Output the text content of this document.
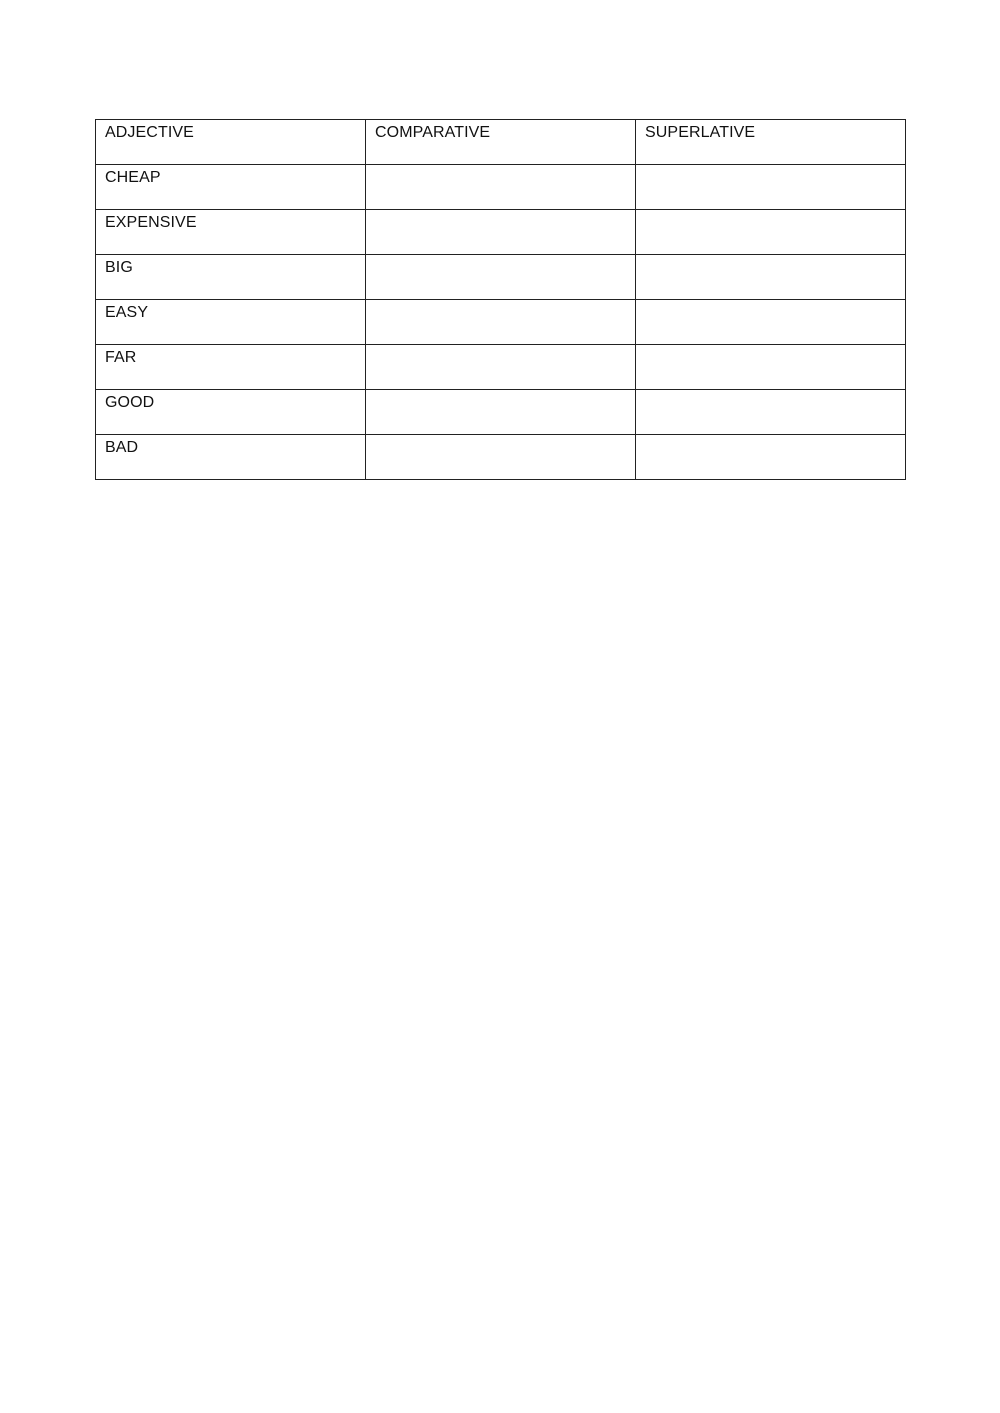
ADJECTIVE	COMPARATIVE	SUPERLATIVE

CHEAP		

EXPENSIVE		

BIG		

EASY		

FAR		

GOOD		

BAD		
